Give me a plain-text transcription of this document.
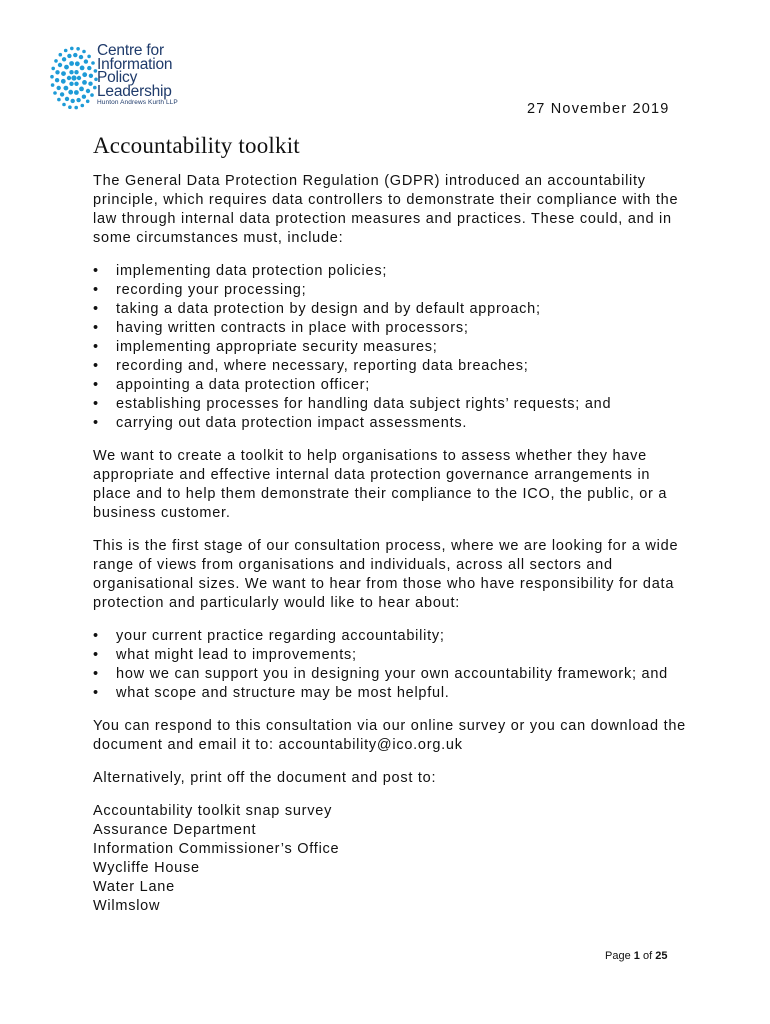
Centre for
Information
Policy
Leadership
Hunton Andrews Kurth LLP	27 November 2019
Accountability toolkit

The General Data Protection Regulation (GDPR) introduced an accountability principle, which requires data controllers to demonstrate their compliance with the law through internal data protection measures and practices. These could, and in some circumstances must, include:

• implementing data protection policies;
• recording your processing;
• taking a data protection by design and by default approach;
• having written contracts in place with processors;
• implementing appropriate security measures;
• recording and, where necessary, reporting data breaches;
• appointing a data protection officer;
• establishing processes for handling data subject rights’ requests; and
• carrying out data protection impact assessments.

We want to create a toolkit to help organisations to assess whether they have appropriate and effective internal data protection governance arrangements in place and to help them demonstrate their compliance to the ICO, the public, or a business customer.

This is the first stage of our consultation process, where we are looking for a wide range of views from organisations and individuals, across all sectors and organisational sizes. We want to hear from those who have responsibility for data protection and particularly would like to hear about:

• your current practice regarding accountability;
• what might lead to improvements;
• how we can support you in designing your own accountability framework; and
• what scope and structure may be most helpful.

You can respond to this consultation via our online survey or you can download the document and email it to: accountability@ico.org.uk

Alternatively, print off the document and post to:

Accountability toolkit snap survey
Assurance Department
Information Commissioner’s Office
Wycliffe House
Water Lane
Wilmslow
Page 1 of 25
